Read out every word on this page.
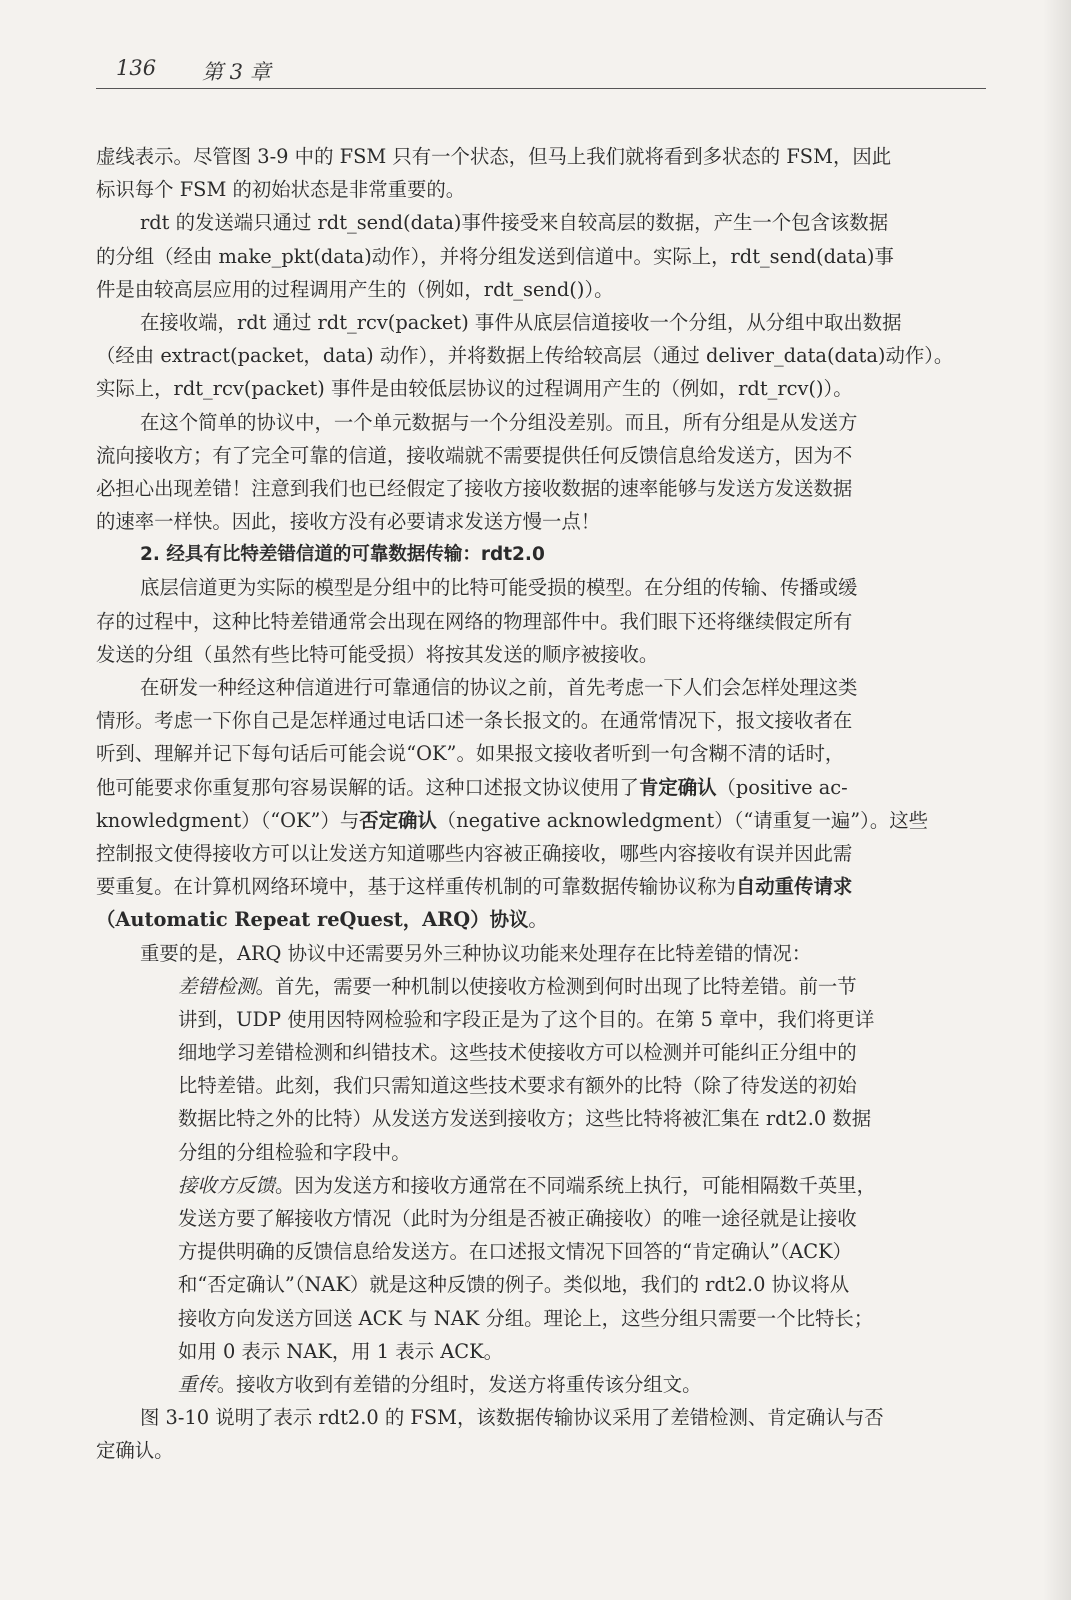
136 第 3 章
虚线表示。尽管图 3-9 中的 FSM 只有一个状态，但马上我们就将看到多状态的 FSM，因此
标识每个 FSM 的初始状态是非常重要的。
rdt 的发送端只通过 rdt_send(data)事件接受来自较高层的数据，产生一个包含该数据
的分组（经由 make_pkt(data)动作），并将分组发送到信道中。实际上，rdt_send(data)事
件是由较高层应用的过程调用产生的（例如，rdt_send()）。
在接收端，rdt 通过 rdt_rcv(packet) 事件从底层信道接收一个分组，从分组中取出数据
（经由 extract(packet，data) 动作），并将数据上传给较高层（通过 deliver_data(data)动作）。
实际上，rdt_rcv(packet) 事件是由较低层协议的过程调用产生的（例如，rdt_rcv()）。
在这个简单的协议中，一个单元数据与一个分组没差别。而且，所有分组是从发送方
流向接收方；有了完全可靠的信道，接收端就不需要提供任何反馈信息给发送方，因为不
必担心出现差错！注意到我们也已经假定了接收方接收数据的速率能够与发送方发送数据
的速率一样快。因此，接收方没有必要请求发送方慢一点！
2. 经具有比特差错信道的可靠数据传输：rdt2.0
底层信道更为实际的模型是分组中的比特可能受损的模型。在分组的传输、传播或缓
存的过程中，这种比特差错通常会出现在网络的物理部件中。我们眼下还将继续假定所有
发送的分组（虽然有些比特可能受损）将按其发送的顺序被接收。
在研发一种经这种信道进行可靠通信的协议之前，首先考虑一下人们会怎样处理这类
情形。考虑一下你自己是怎样通过电话口述一条长报文的。在通常情况下，报文接收者在
听到、理解并记下每句话后可能会说“OK”。如果报文接收者听到一句含糊不清的话时，
他可能要求你重复那句容易误解的话。这种口述报文协议使用了肯定确认（positive ac-
knowledgment）（“OK”）与否定确认（negative acknowledgment）（“请重复一遍”）。这些
控制报文使得接收方可以让发送方知道哪些内容被正确接收，哪些内容接收有误并因此需
要重复。在计算机网络环境中，基于这样重传机制的可靠数据传输协议称为自动重传请求
（Automatic Repeat reQuest，ARQ）协议。
重要的是，ARQ 协议中还需要另外三种协议功能来处理存在比特差错的情况：
差错检测。首先，需要一种机制以使接收方检测到何时出现了比特差错。前一节
讲到，UDP 使用因特网检验和字段正是为了这个目的。在第 5 章中，我们将更详
细地学习差错检测和纠错技术。这些技术使接收方可以检测并可能纠正分组中的
比特差错。此刻，我们只需知道这些技术要求有额外的比特（除了待发送的初始
数据比特之外的比特）从发送方发送到接收方；这些比特将被汇集在 rdt2.0 数据
分组的分组检验和字段中。
接收方反馈。因为发送方和接收方通常在不同端系统上执行，可能相隔数千英里，
发送方要了解接收方情况（此时为分组是否被正确接收）的唯一途径就是让接收
方提供明确的反馈信息给发送方。在口述报文情况下回答的“肯定确认”（ACK）
和“否定确认”（NAK）就是这种反馈的例子。类似地，我们的 rdt2.0 协议将从
接收方向发送方回送 ACK 与 NAK 分组。理论上，这些分组只需要一个比特长；
如用 0 表示 NAK，用 1 表示 ACK。
重传。接收方收到有差错的分组时，发送方将重传该分组文。
图 3-10 说明了表示 rdt2.0 的 FSM，该数据传输协议采用了差错检测、肯定确认与否
定确认。
